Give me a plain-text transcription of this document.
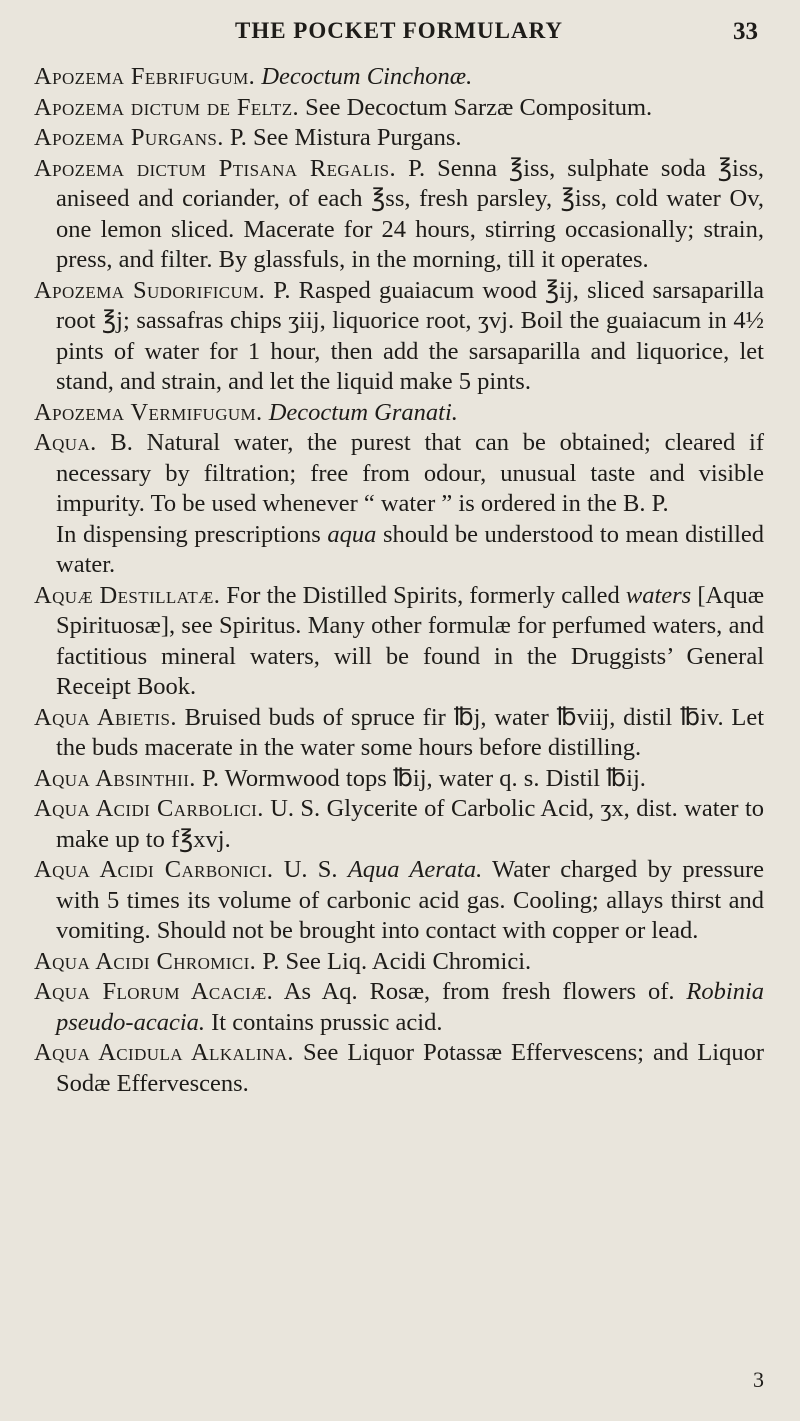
THE POCKET FORMULARY	33

Apozema Febrifugum. Decoctum Cinchonæ.

Apozema dictum de Feltz. See Decoctum Sarzæ Compositum.

Apozema Purgans. P. See Mistura Purgans.

Apozema dictum Ptisana Regalis. P. Senna ℥iss, sulphate soda ℥iss, aniseed and coriander, of each ℥ss, fresh parsley, ℥iss, cold water Ov, one lemon sliced. Macerate for 24 hours, stirring occasionally; strain, press, and filter. By glassfuls, in the morning, till it operates.

Apozema Sudorificum. P. Rasped guaiacum wood ℥ij, sliced sarsaparilla root ℥j; sassafras chips ʒiij, liquorice root, ʒvj. Boil the guaiacum in 4½ pints of water for 1 hour, then add the sarsaparilla and liquorice, let stand, and strain, and let the liquid make 5 pints.

Apozema Vermifugum. Decoctum Granati.

Aqua. B. Natural water, the purest that can be obtained; cleared if necessary by filtration; free from odour, unusual taste and visible impurity. To be used whenever “ water ” is ordered in the B. P.

In dispensing prescriptions aqua should be understood to mean distilled water.

Aquæ Destillatæ. For the Distilled Spirits, formerly called waters [Aquæ Spirituosæ], see Spiritus. Many other formulæ for perfumed waters, and factitious mineral waters, will be found in the Druggists’ General Receipt Book.

Aqua Abietis. Bruised buds of spruce fir ℔j, water ℔viij, distil ℔iv. Let the buds macerate in the water some hours before distilling.

Aqua Absinthii. P. Wormwood tops ℔ij, water q. s. Distil ℔ij.

Aqua Acidi Carbolici. U. S. Glycerite of Carbolic Acid, ʒx, dist. water to make up to f℥xvj.

Aqua Acidi Carbonici. U. S. Aqua Aerata. Water charged by pressure with 5 times its volume of carbonic acid gas. Cooling; allays thirst and vomiting. Should not be brought into contact with copper or lead.

Aqua Acidi Chromici. P. See Liq. Acidi Chromici.

Aqua Florum Acaciæ. As Aq. Rosæ, from fresh flowers of. Robinia pseudo-acacia. It contains prussic acid.

Aqua Acidula Alkalina. See Liquor Potassæ Effervescens; and Liquor Sodæ Effervescens.

3
